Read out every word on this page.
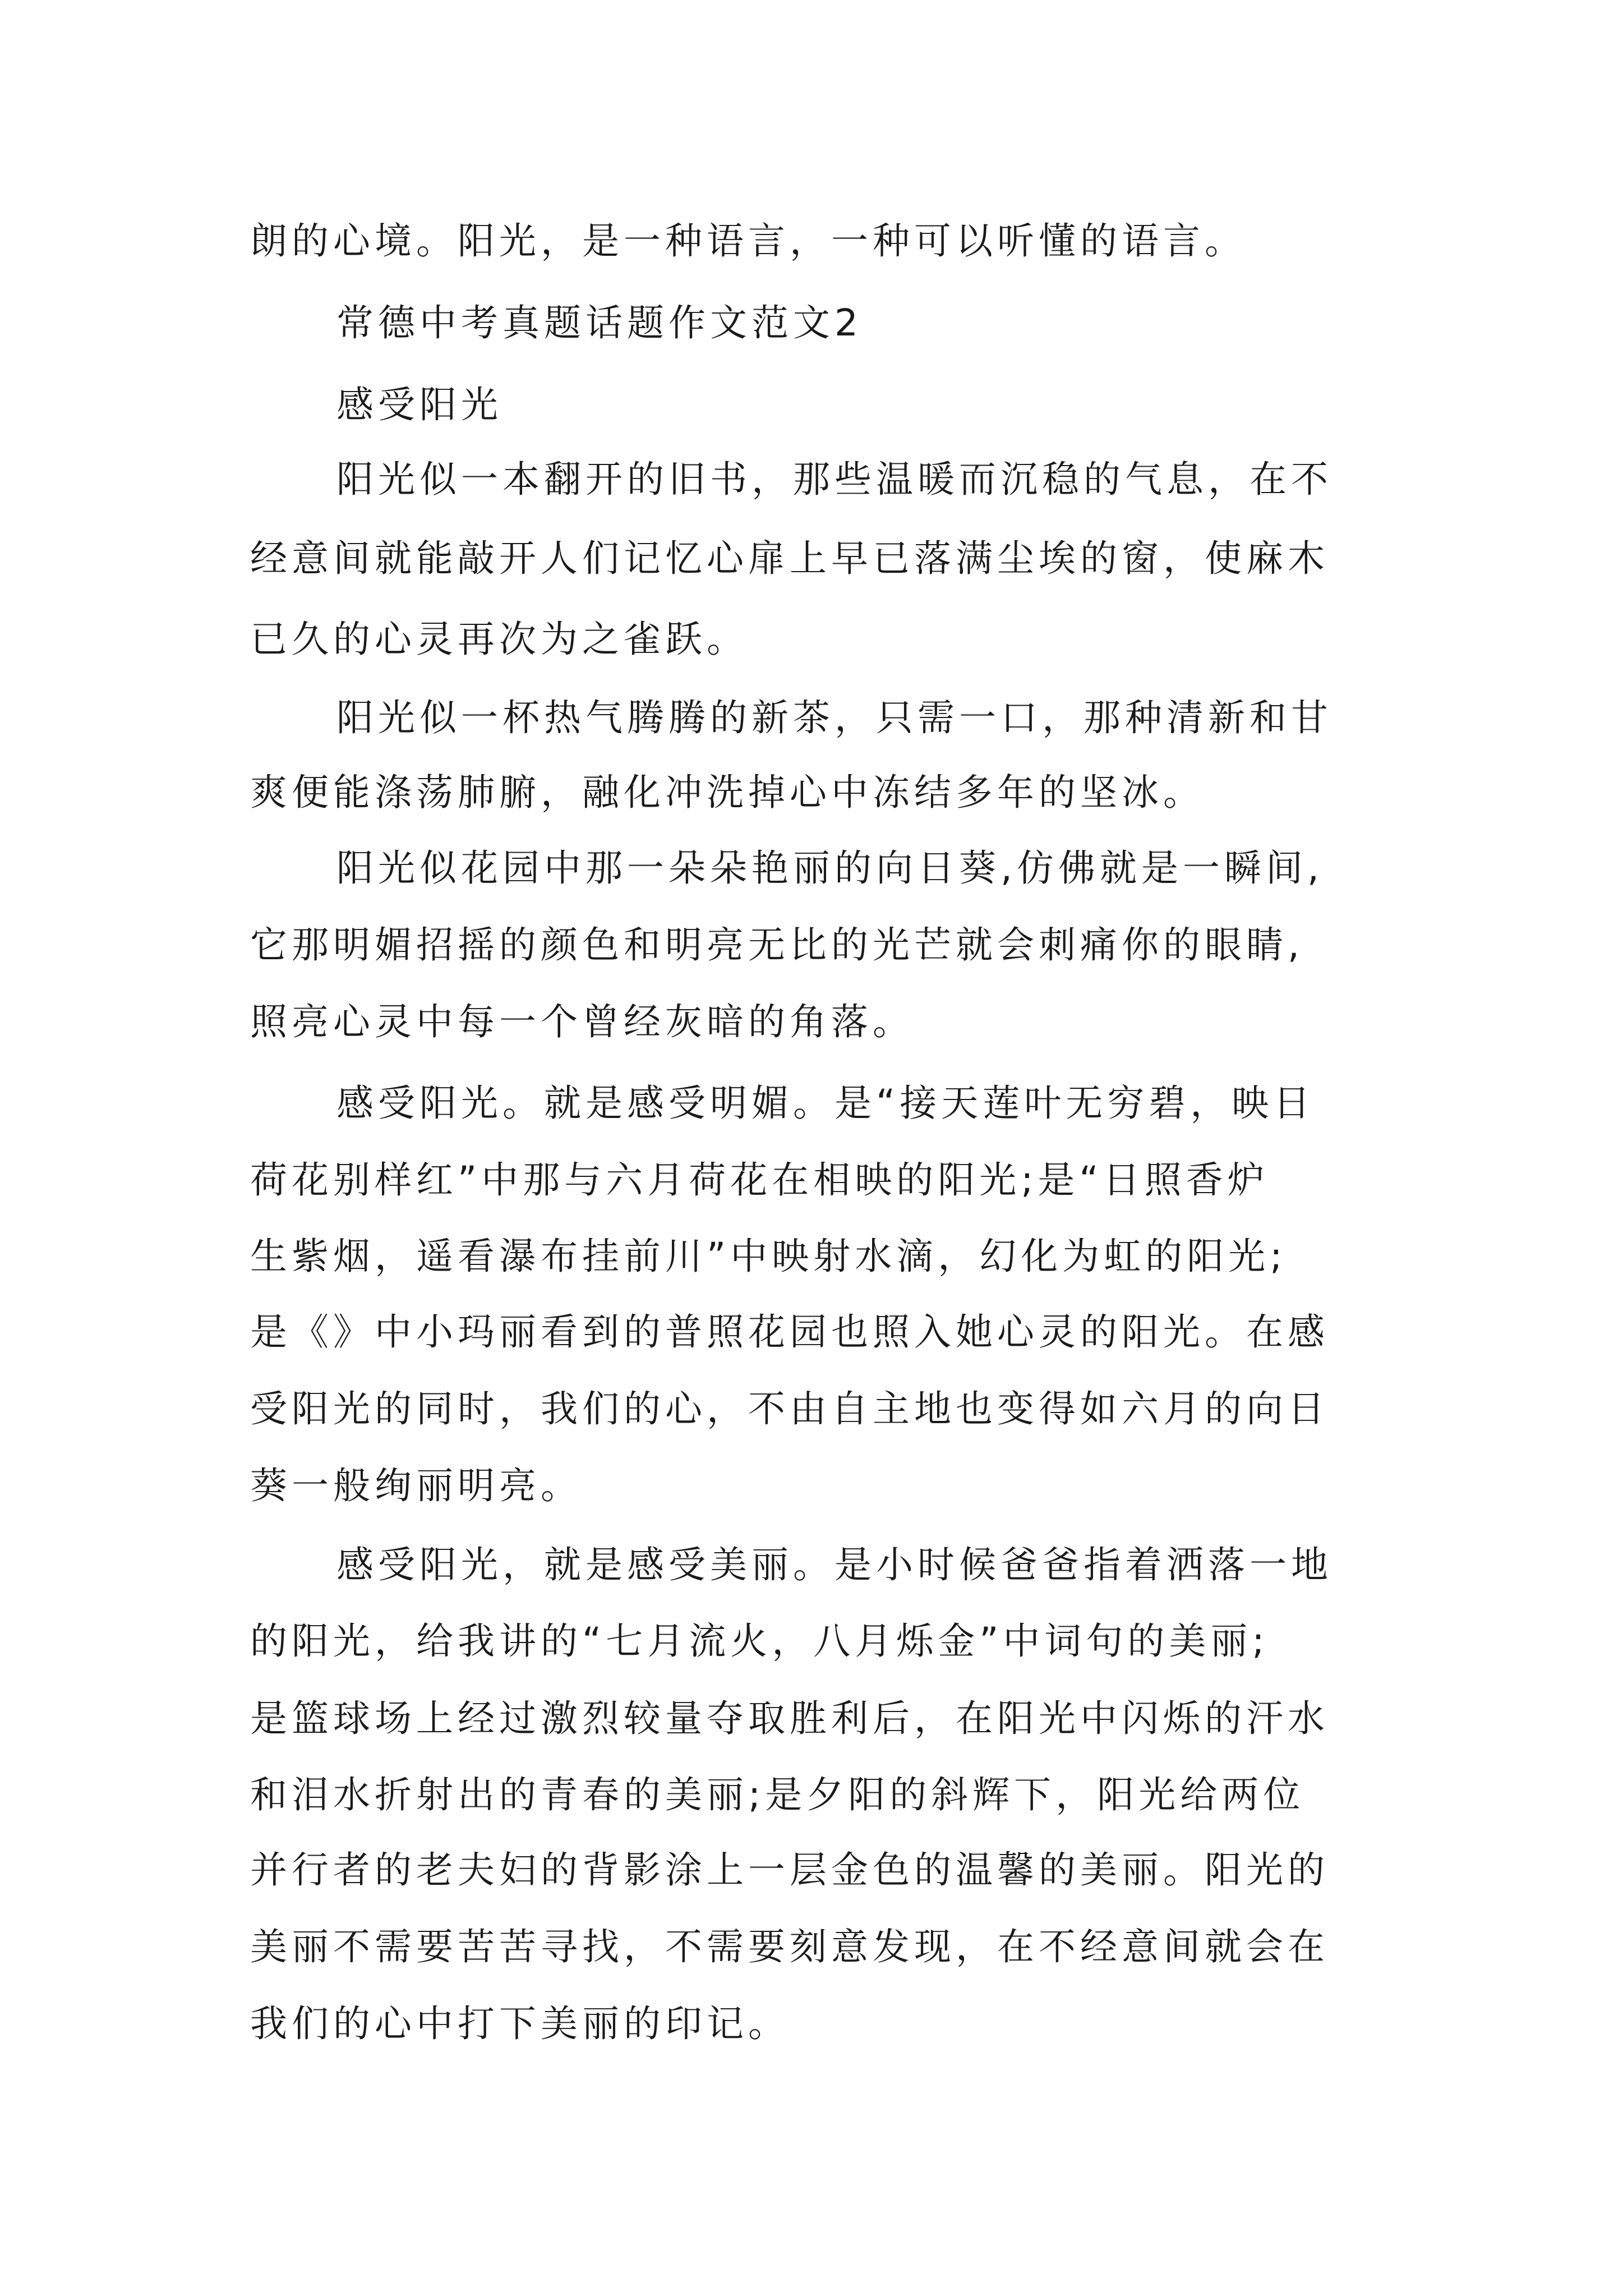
朗的心境。阳光，是一种语言，一种可以听懂的语言。
常德中考真题话题作文范文2
感受阳光
阳光似一本翻开的旧书，那些温暖而沉稳的气息，在不
经意间就能敲开人们记忆心扉上早已落满尘埃的窗，使麻木
已久的心灵再次为之雀跃。
阳光似一杯热气腾腾的新茶，只需一口，那种清新和甘
爽便能涤荡肺腑，融化冲洗掉心中冻结多年的坚冰。
阳光似花园中那一朵朵艳丽的向日葵,仿佛就是一瞬间,
它那明媚招摇的颜色和明亮无比的光芒就会刺痛你的眼睛,
照亮心灵中每一个曾经灰暗的角落。
感受阳光。就是感受明媚。是“接天莲叶无穷碧，映日
荷花别样红”中那与六月荷花在相映的阳光;是“日照香炉
生紫烟，遥看瀑布挂前川”中映射水滴，幻化为虹的阳光;
是《》中小玛丽看到的普照花园也照入她心灵的阳光。在感
受阳光的同时，我们的心，不由自主地也变得如六月的向日
葵一般绚丽明亮。
感受阳光，就是感受美丽。是小时候爸爸指着洒落一地
的阳光，给我讲的“七月流火，八月烁金”中词句的美丽;
是篮球场上经过激烈较量夺取胜利后，在阳光中闪烁的汗水
和泪水折射出的青春的美丽;是夕阳的斜辉下，阳光给两位
并行者的老夫妇的背影涂上一层金色的温馨的美丽。阳光的
美丽不需要苦苦寻找，不需要刻意发现，在不经意间就会在
我们的心中打下美丽的印记。
